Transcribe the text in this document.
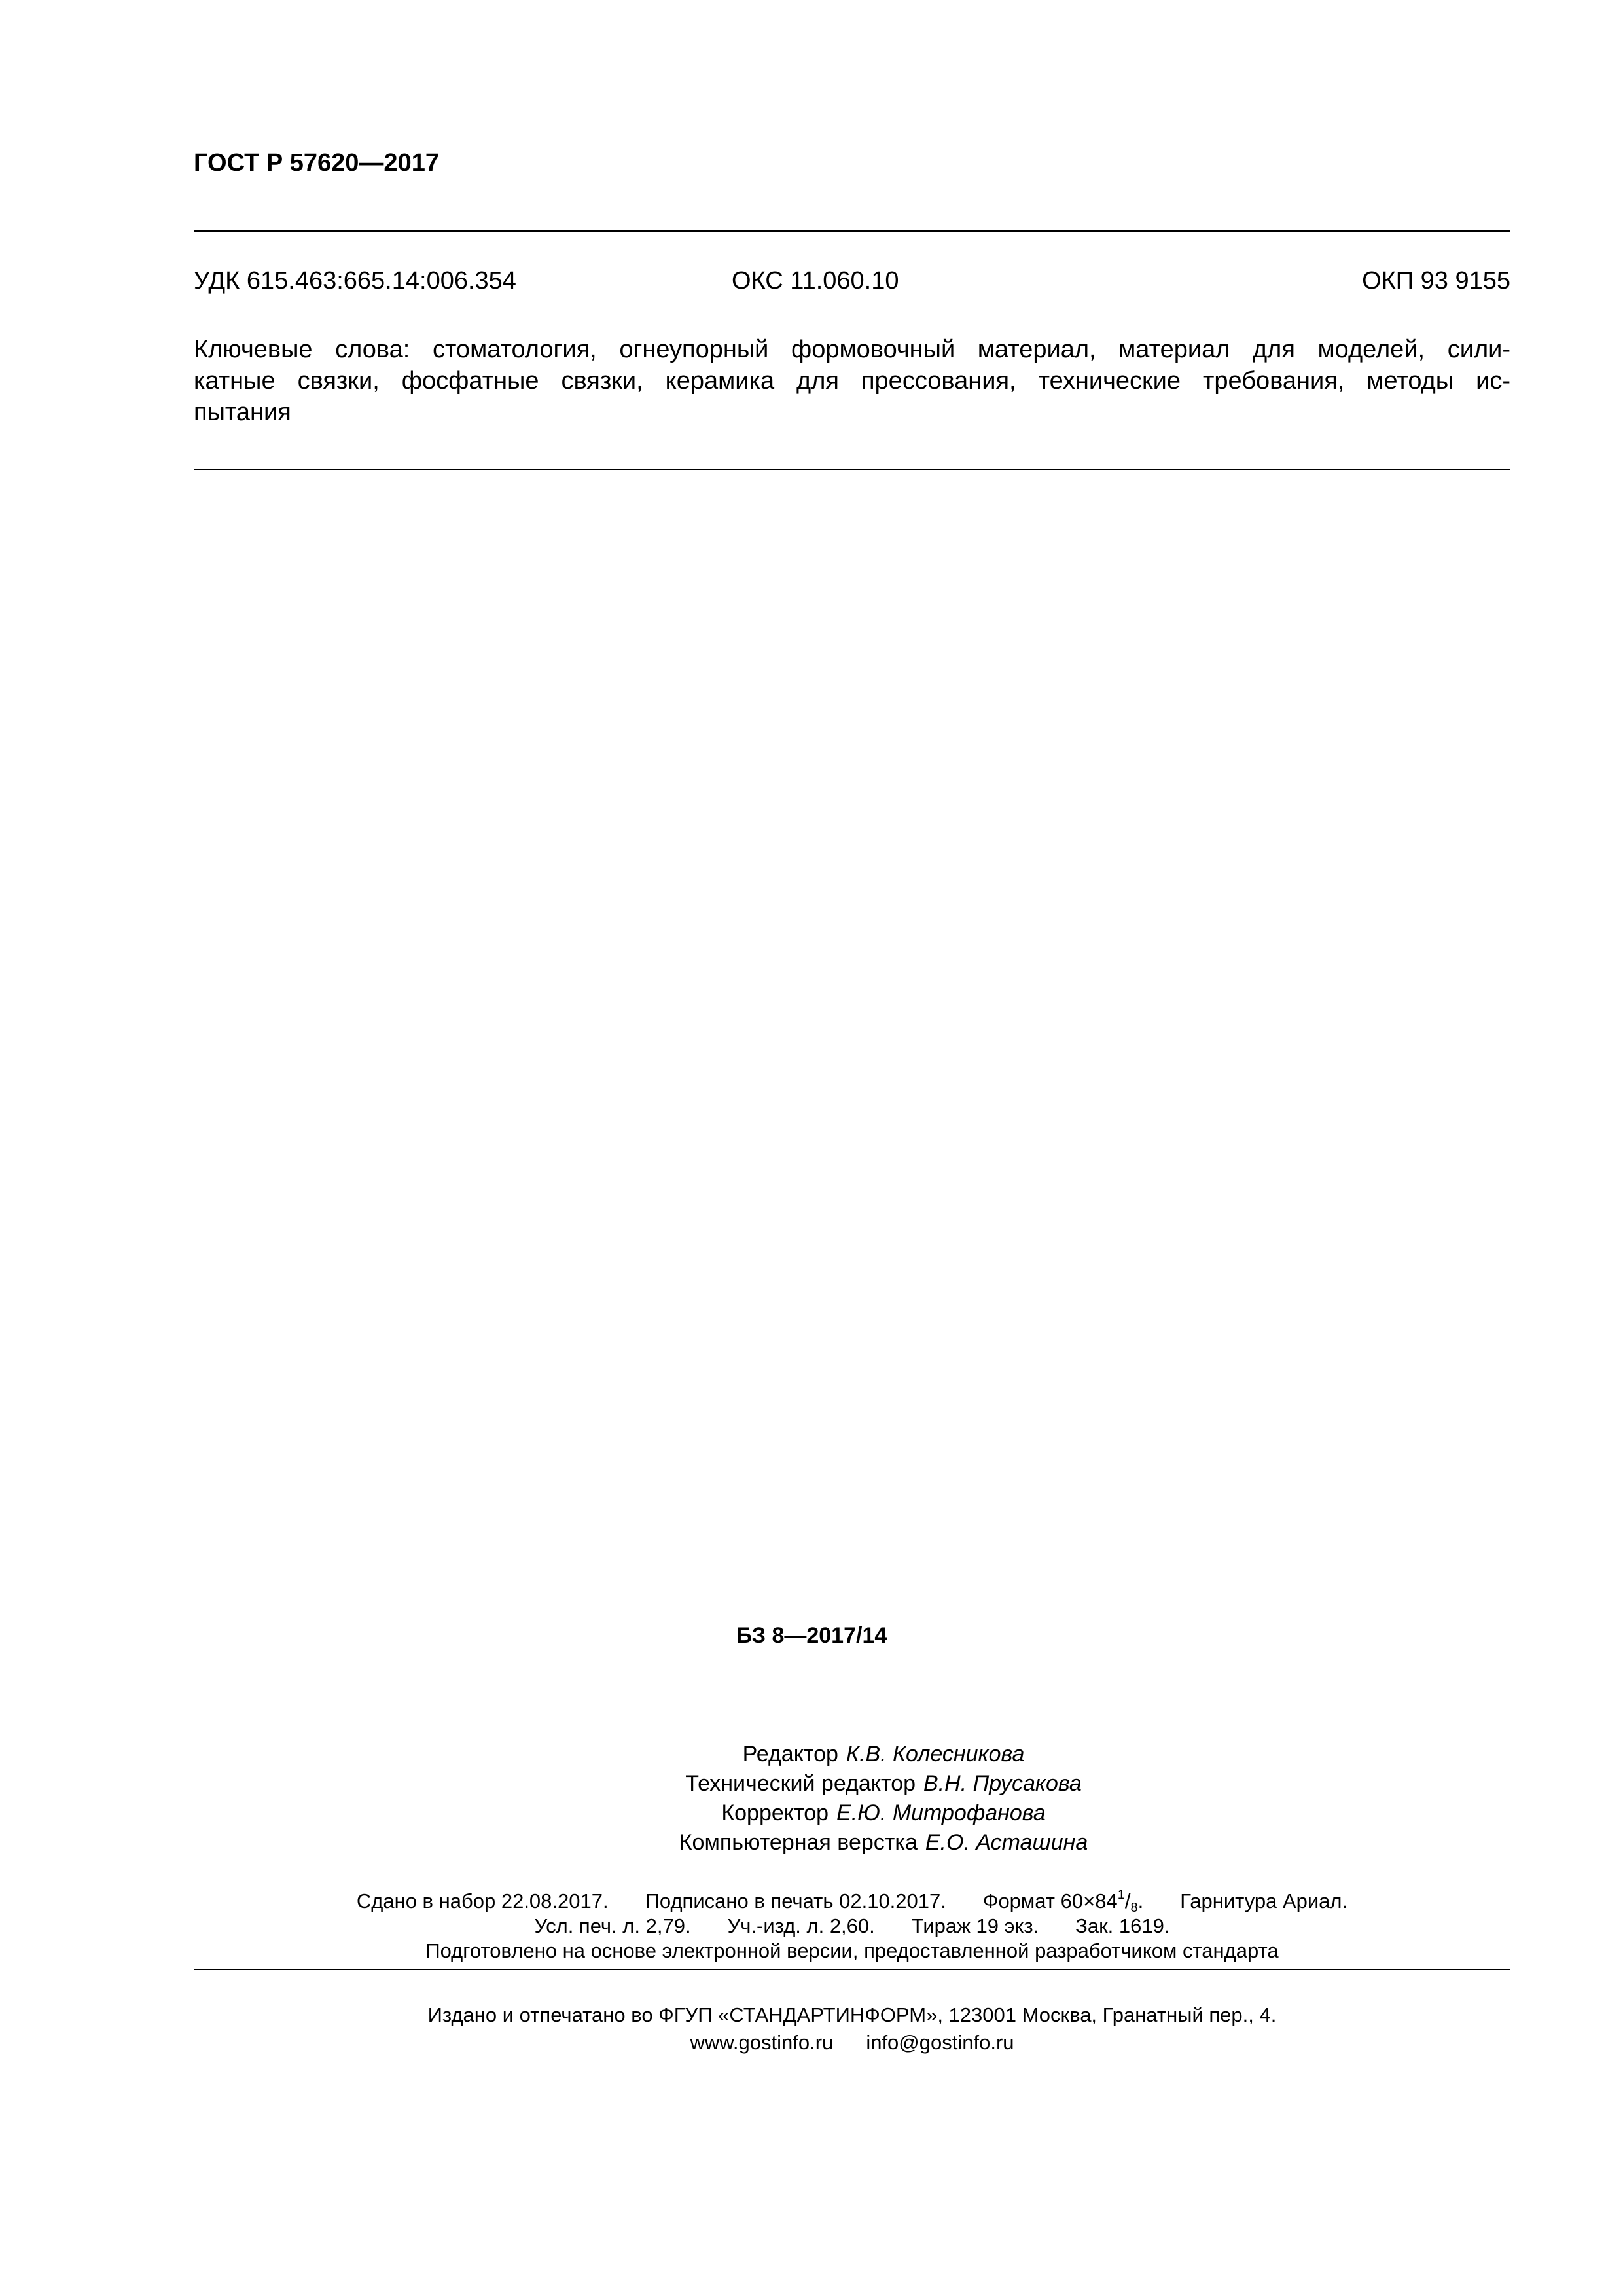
ГОСТ Р 57620—2017
УДК 615.463:665.14:006.354	ОКС 11.060.10	ОКП 93 9155
Ключевые слова: стоматология, огнеупорный формовочный материал, материал для моделей, сили-
катные связки, фосфатные связки, керамика для прессования, технические требования, методы ис-
пытания
БЗ 8—2017/14
Редактор К.В. Колесникова
Технический редактор В.Н. Прусакова
Корректор Е.Ю. Митрофанова
Компьютерная верстка Е.О. Асташина
Сдано в набор 22.08.2017. Подписано в печать 02.10.2017. Формат $60\times 84^1/_8$. Гарнитура Ариал.
Усл. печ. л. 2,79. Уч.-изд. л. 2,60. Тираж 19 экз. Зак. 1619.
Подготовлено на основе электронной версии, предоставленной разработчиком стандарта
Издано и отпечатано во ФГУП «СТАНДАРТИНФОРМ», 123001 Москва, Гранатный пер., 4.
www.gostinfo.ru info@gostinfo.ru
